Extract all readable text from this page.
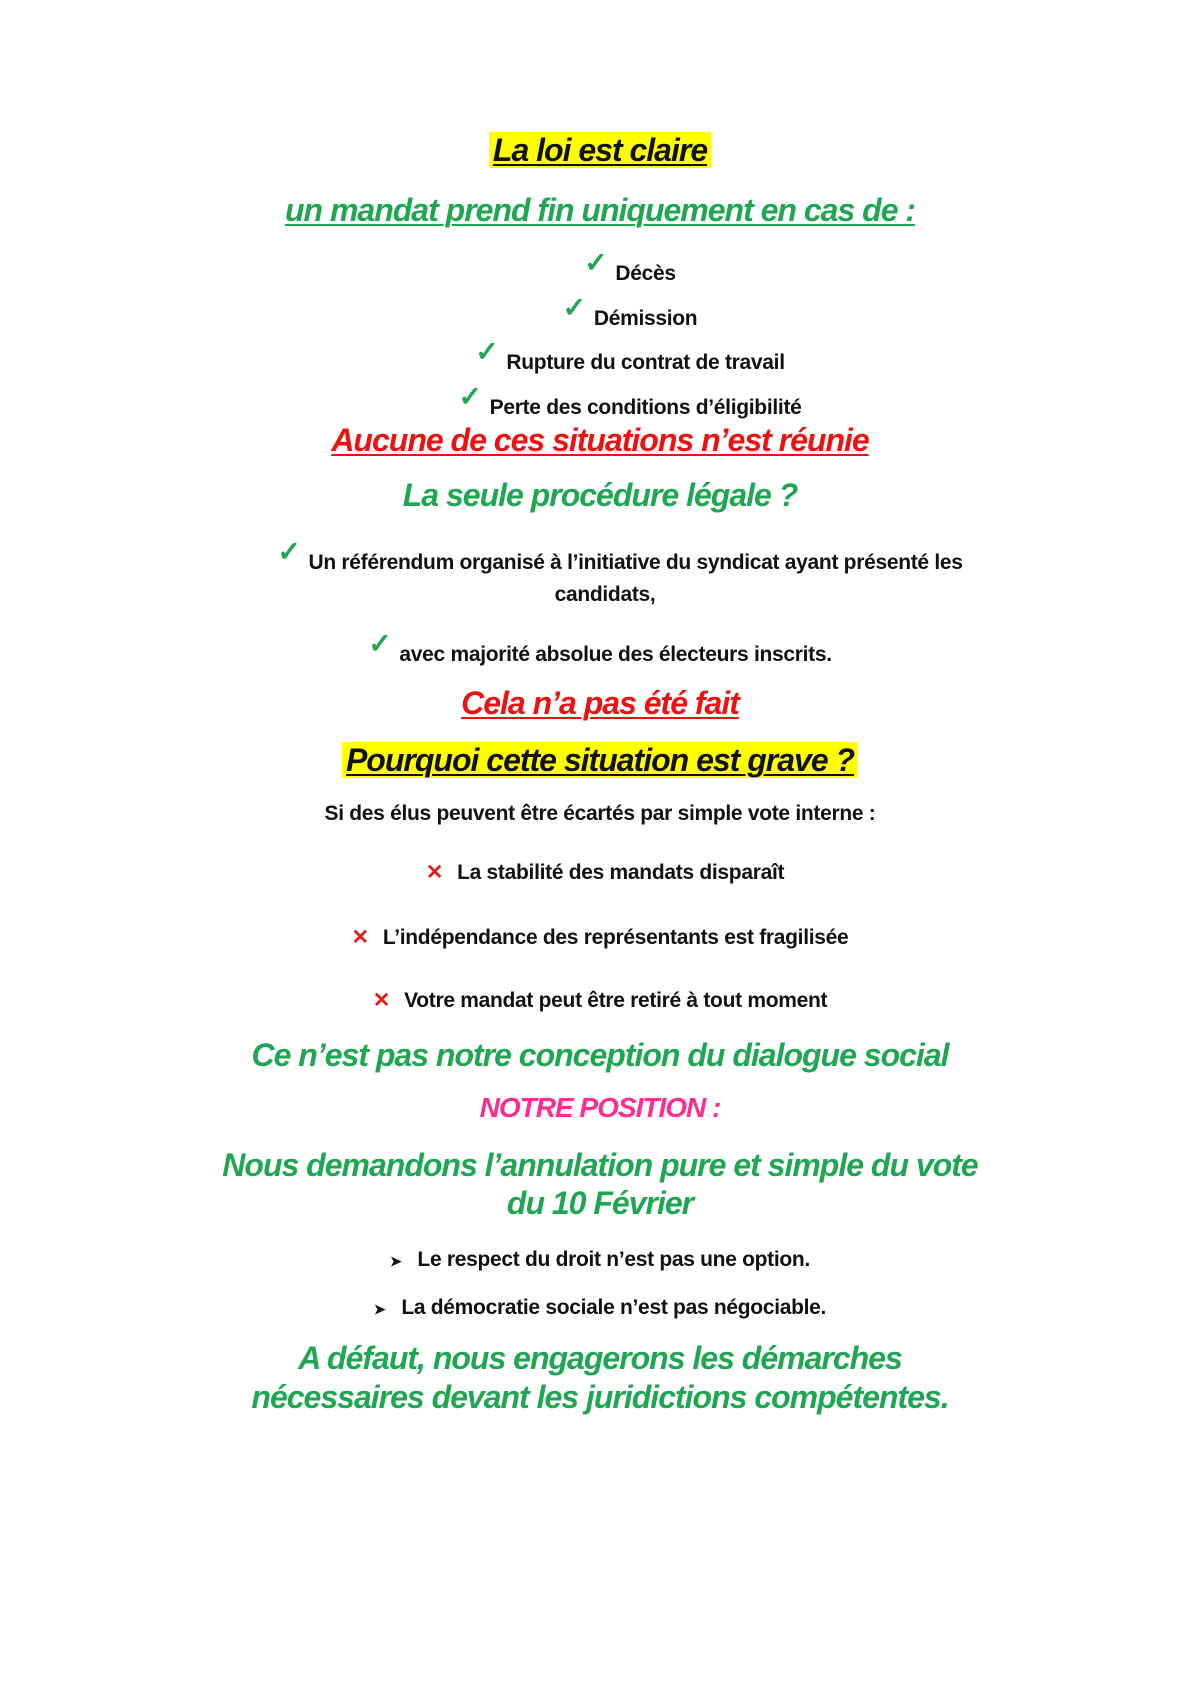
La loi est claire
un mandat prend fin uniquement en cas de :
✓ Décès
✓ Démission
✓ Rupture du contrat de travail
✓ Perte des conditions d’éligibilité
Aucune de ces situations n’est réunie
La seule procédure légale ?
✓ Un référendum organisé à l’initiative du syndicat ayant présenté les
candidats,
✓ avec majorité absolue des électeurs inscrits.
Cela n’a pas été fait
Pourquoi cette situation est grave ?
Si des élus peuvent être écartés par simple vote interne :
✕ La stabilité des mandats disparaît
✕ L’indépendance des représentants est fragilisée
✕ Votre mandat peut être retiré à tout moment
Ce n’est pas notre conception du dialogue social
NOTRE POSITION :
Nous demandons l’annulation pure et simple du vote
du 10 Février
➤ Le respect du droit n’est pas une option.
➤ La démocratie sociale n’est pas négociable.
A défaut, nous engagerons les démarches
nécessaires devant les juridictions compétentes.
